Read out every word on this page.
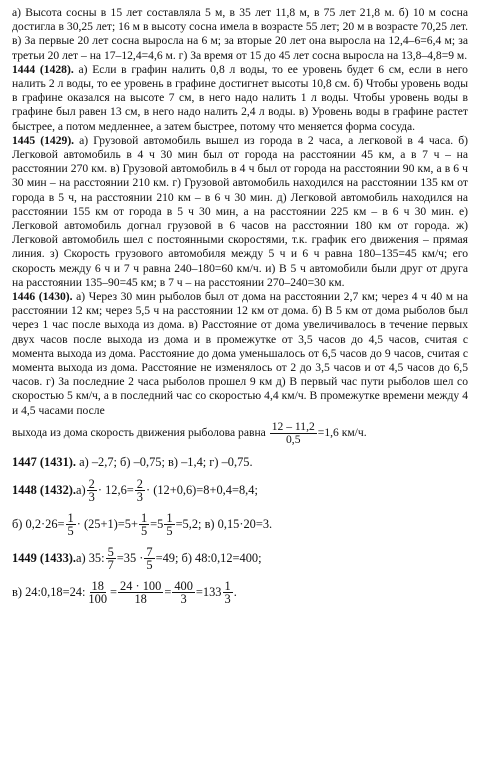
а) Высота сосны в 15 лет составляла 5 м, в 35 лет 11,8 м, в 75 лет 21,8 м. б) 10 м сосна достигла в 30,25 лет; 16 м в высоту сосна имела в возрасте 55 лет; 20 м в возрасте 70,25 лет. в) За первые 20 лет сосна выросла на 6 м; за вторые 20 лет она выросла на 12,4–6=6,4 м; за третьи 20 лет – на 17–12,4=4,6 м. г) За время от 15 до 45 лет сосна выросла на 13,8–4,8=9 м.

1444 (1428). а) Если в графин налить 0,8 л воды, то ее уровень будет 6 см, если в него налить 2 л воды, то ее уровень в графине достигнет высоты 10,8 см. б) Чтобы уровень воды в графине оказался на высоте 7 см, в него надо налить 1 л воды. Чтобы уровень воды в графине был равен 13 см, в него надо налить 2,4 л воды. в) Уровень воды в графине растет быстрее, а потом медленнее, а затем быстрее, потому что меняется форма сосуда.

1445 (1429). а) Грузовой автомобиль вышел из города в 2 часа, а легковой в 4 часа. б) Легковой автомобиль в 4 ч 30 мин был от города на расстоянии 45 км, а в 7 ч – на расстоянии 270 км. в) Грузовой автомобиль в 4 ч был от города на расстоянии 90 км, а в 6 ч 30 мин – на расстоянии 210 км. г) Грузовой автомобиль находился на расстоянии 135 км от города в 5 ч, на расстоянии 210 км – в 6 ч 30 мин. д) Легковой автомобиль находился на расстоянии 155 км от города в 5 ч 30 мин, а на расстоянии 225 км – в 6 ч 30 мин. е) Легковой автомобиль догнал грузовой в 6 часов на расстоянии 180 км от города. ж) Легковой автомобиль шел с постоянными скоростями, т.к. график его движения – прямая линия. з) Скорость грузового автомобиля между 5 ч и 6 ч равна 180–135=45 км/ч; его скорость между 6 ч и 7 ч равна 240–180=60 км/ч. и) В 5 ч автомобили были друг от друга на расстоянии 135–90=45 км; в 7 ч – на расстоянии 270–240=30 км.

1446 (1430). а) Через 30 мин рыболов был от дома на расстоянии 2,7 км; через 4 ч 40 м на расстоянии 12 км; через 5,5 ч на расстоянии 12 км от дома. б) В 5 км от дома рыболов был через 1 час после выхода из дома. в) Расстояние от дома увеличивалось в течение первых двух часов после выхода из дома и в промежутке от 3,5 часов до 4,5 часов, считая с момента выхода из дома. Расстояние до дома уменьшалось от 6,5 часов до 9 часов, считая с момента выхода из дома. Расстояние не изменялось от 2 до 3,5 часов и от 4,5 часов до 6,5 часов. г) За последние 2 часа рыболов прошел 9 км д) В первый час пути рыболов шел со скоростью 5 км/ч, а в последний час со скоростью 4,4 км/ч. В промежутке времени между 4 и 4,5 часами после

выхода из дома скорость движения рыболова равна
$\frac{12 - 11,2}{0,5} =1,6$ км/ч.

1447 (1431). а) –2,7; б) –0,75; в) –1,4; г) –0,75.

1448 (1432). $а) \frac{2}{3} \cdot 12,6= \frac{2}{3} \cdot (12+0,6)=8+0,4=8,4$;

б) $0,2\cdot 26= \frac{1}{5} \cdot (25+1)=5+ \frac{1}{5} =5 \frac{1}{5} =5,2$; в) 0,15·20=3.

1449 (1433). а) 35: $\frac{5}{7} =35 \cdot \frac{7}{5} =49$; б) 48:0,12=400;

в) 24:0,18=24: $\frac{18}{100} = \frac{24 \cdot 100}{18} = \frac{400}{3} =133 \frac{1}{3}$ .
